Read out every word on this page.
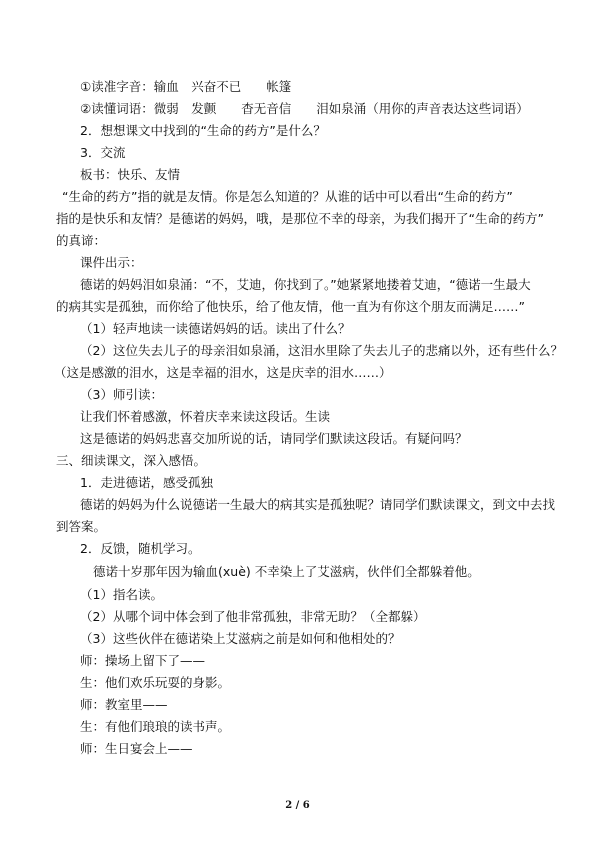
①读准字音：输血　兴奋不已　　帐篷
②读懂词语：微弱　发颤　　杳无音信　　泪如泉涌（用你的声音表达这些词语）
2．想想课文中找到的“生命的药方”是什么？
3．交流
板书：快乐、友情
“生命的药方”指的就是友情。你是怎么知道的？从谁的话中可以看出“生命的药方”
指的是快乐和友情？是德诺的妈妈，哦，是那位不幸的母亲，为我们揭开了“生命的药方”
的真谛：
课件出示：
德诺的妈妈泪如泉涌：“不，艾迪，你找到了。”她紧紧地搂着艾迪，“德诺一生最大
的病其实是孤独，而你给了他快乐，给了他友情，他一直为有你这个朋友而满足……”
（1）轻声地读一读德诺妈妈的话。读出了什么？
（2）这位失去儿子的母亲泪如泉涌，这泪水里除了失去儿子的悲痛以外，还有些什么？
（这是感激的泪水，这是幸福的泪水，这是庆幸的泪水……）
（3）师引读：
让我们怀着感激，怀着庆幸来读这段话。生读
这是德诺的妈妈悲喜交加所说的话，请同学们默读这段话。有疑问吗？
三、细读课文，深入感悟。
1．走进德诺，感受孤独
德诺的妈妈为什么说德诺一生最大的病其实是孤独呢？请同学们默读课文，到文中去找
到答案。
2．反馈，随机学习。
德诺十岁那年因为输血(xuè) 不幸染上了艾滋病，伙伴们全都躲着他。
（1）指名读。
（2）从哪个词中体会到了他非常孤独，非常无助？（全都躲）
（3）这些伙伴在德诺染上艾滋病之前是如何和他相处的？
师：操场上留下了——
生：他们欢乐玩耍的身影。
师：教室里——
生：有他们琅琅的读书声。
师：生日宴会上——
2 / 6
